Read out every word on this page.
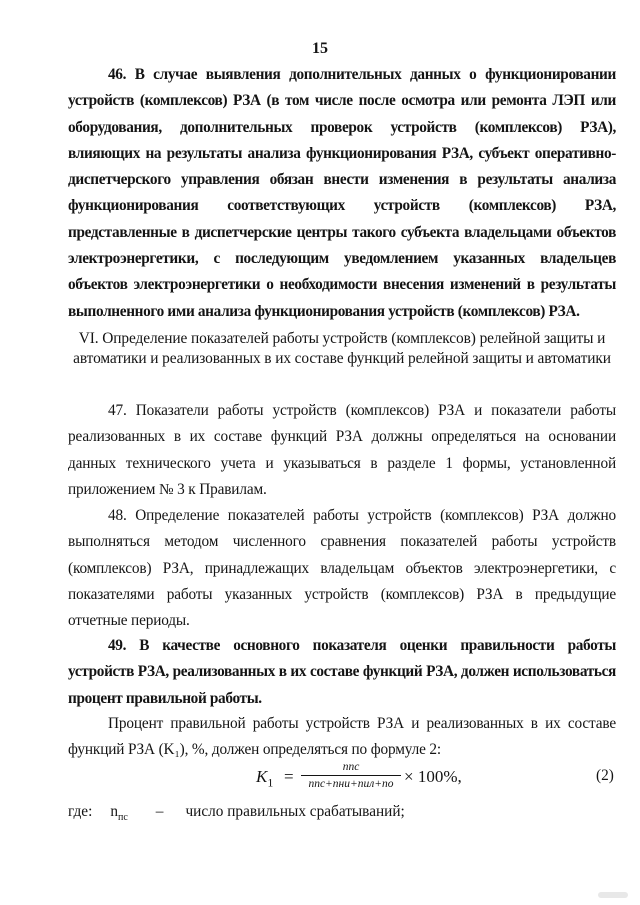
15

46. В случае выявления дополнительных данных о функционировании устройств (комплексов) РЗА (в том числе после осмотра или ремонта ЛЭП или оборудования, дополнительных проверок устройств (комплексов) РЗА), влияющих на результаты анализа функционирования РЗА, субъект оперативно-диспетчерского управления обязан внести изменения в результаты анализа функционирования соответствующих устройств (комплексов) РЗА, представленные в диспетчерские центры такого субъекта владельцами объектов электроэнергетики, с последующим уведомлением указанных владельцев объектов электроэнергетики о необходимости внесения изменений в результаты выполненного ими анализа функционирования устройств (комплексов) РЗА.

VI. Определение показателей работы устройств (комплексов) релейной защиты и автоматики и реализованных в их составе функций релейной защиты и автоматики

47. Показатели работы устройств (комплексов) РЗА и показатели работы реализованных в их составе функций РЗА должны определяться на основании данных технического учета и указываться в разделе 1 формы, установленной приложением № 3 к Правилам.

48. Определение показателей работы устройств (комплексов) РЗА должно выполняться методом численного сравнения показателей работы устройств (комплексов) РЗА, принадлежащих владельцам объектов электроэнергетики, с показателями работы указанных устройств (комплексов) РЗА в предыдущие отчетные периоды.

49. В качестве основного показателя оценки правильности работы устройств РЗА, реализованных в их составе функций РЗА, должен использоваться процент правильной работы.

Процент правильной работы устройств РЗА и реализованных в их составе функций РЗА (K₁), %, должен определяться по формуле 2:

$K_1$ =	nпс
nпс+nни+nил+nо × 100%,	(2)
где: $n_{пс}$ – число правильных срабатываний;
